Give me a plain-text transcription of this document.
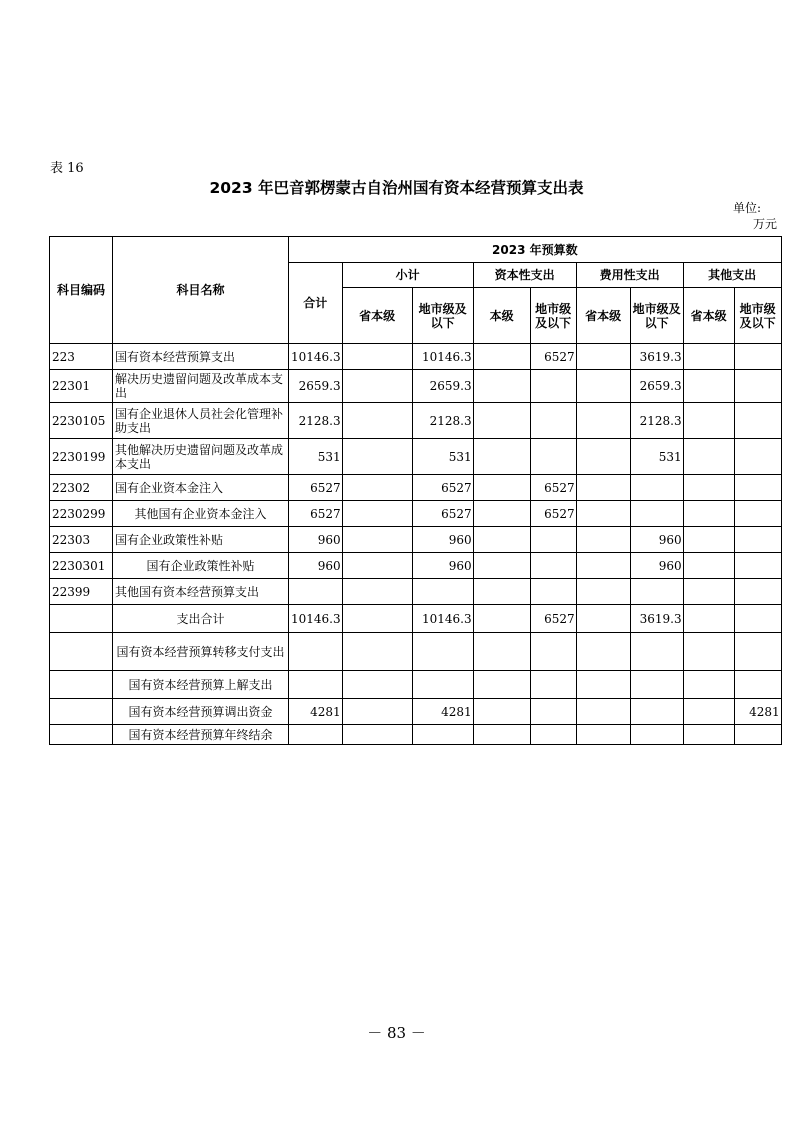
表 16
2023 年巴音郭楞蒙古自治州国有资本经营预算支出表
单位:
万元
科目编码	科目名称	2023 年预算数								
		合计	小计		资本性支出		费用性支出		其他支出	
			省本级	地市级及以下	本级	地市级及以下	省本级	地市级及以下	省本级	地市级及以下
223	国有资本经营预算支出	10146.3		10146.3		6527		3619.3		
22301	解决历史遗留问题及改革成本支出	2659.3		2659.3				2659.3		
2230105	国有企业退休人员社会化管理补助支出	2128.3		2128.3				2128.3		
2230199	其他解决历史遗留问题及改革成本支出	531		531				531		
22302	国有企业资本金注入	6527		6527		6527				
2230299	其他国有企业资本金注入	6527		6527		6527				
22303	国有企业政策性补贴	960		960				960		
2230301	国有企业政策性补贴	960		960				960		
22399	其他国有资本经营预算支出									
	支出合计	10146.3		10146.3		6527		3619.3		
	国有资本经营预算转移支付支出									
	国有资本经营预算上解支出									
	国有资本经营预算调出资金	4281		4281						4281
	国有资本经营预算年终结余									
－ 83 －
